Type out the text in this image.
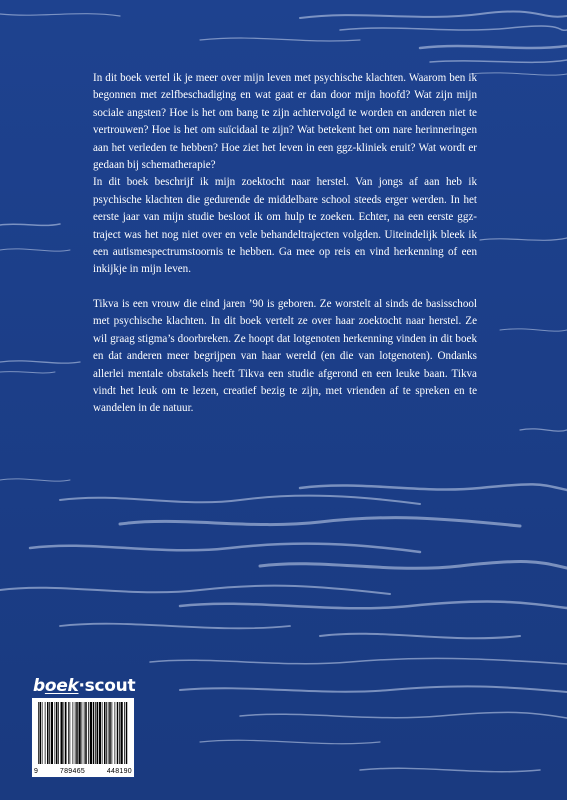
In dit boek vertel ik je meer over mijn leven met psychische klachten. Waarom ben ik begonnen met zelfbeschadiging en wat gaat er dan door mijn hoofd? Wat zijn mijn sociale angsten? Hoe is het om bang te zijn achtervolgd te worden en anderen niet te vertrouwen? Hoe is het om suïcidaal te zijn? Wat betekent het om nare herinneringen aan het verleden te hebben? Hoe ziet het leven in een ggz-kliniek eruit? Wat wordt er gedaan bij schematherapie?

In dit boek beschrijf ik mijn zoektocht naar herstel. Van jongs af aan heb ik psychische klachten die gedurende de middelbare school steeds erger werden. In het eerste jaar van mijn studie besloot ik om hulp te zoeken. Echter, na een eerste ggz-traject was het nog niet over en vele behandeltrajecten volgden. Uiteindelijk bleek ik een autismespectrumstoornis te hebben. Ga mee op reis en vind herkenning of een inkijkje in mijn leven.

Tikva is een vrouw die eind jaren ’90 is geboren. Ze worstelt al sinds de basisschool met psychische klachten. In dit boek vertelt ze over haar zoektocht naar herstel. Ze wil graag stigma’s doorbreken. Ze hoopt dat lotgenoten herkenning vinden in dit boek en dat anderen meer begrijpen van haar wereld (en die van lotgenoten). Ondanks allerlei mentale obstakels heeft Tikva een studie afgerond en een leuke baan. Tikva vindt het leuk om te lezen, creatief bezig te zijn, met vrienden af te spreken en te wandelen in de natuur.

boek·scout
9	789465	448190
